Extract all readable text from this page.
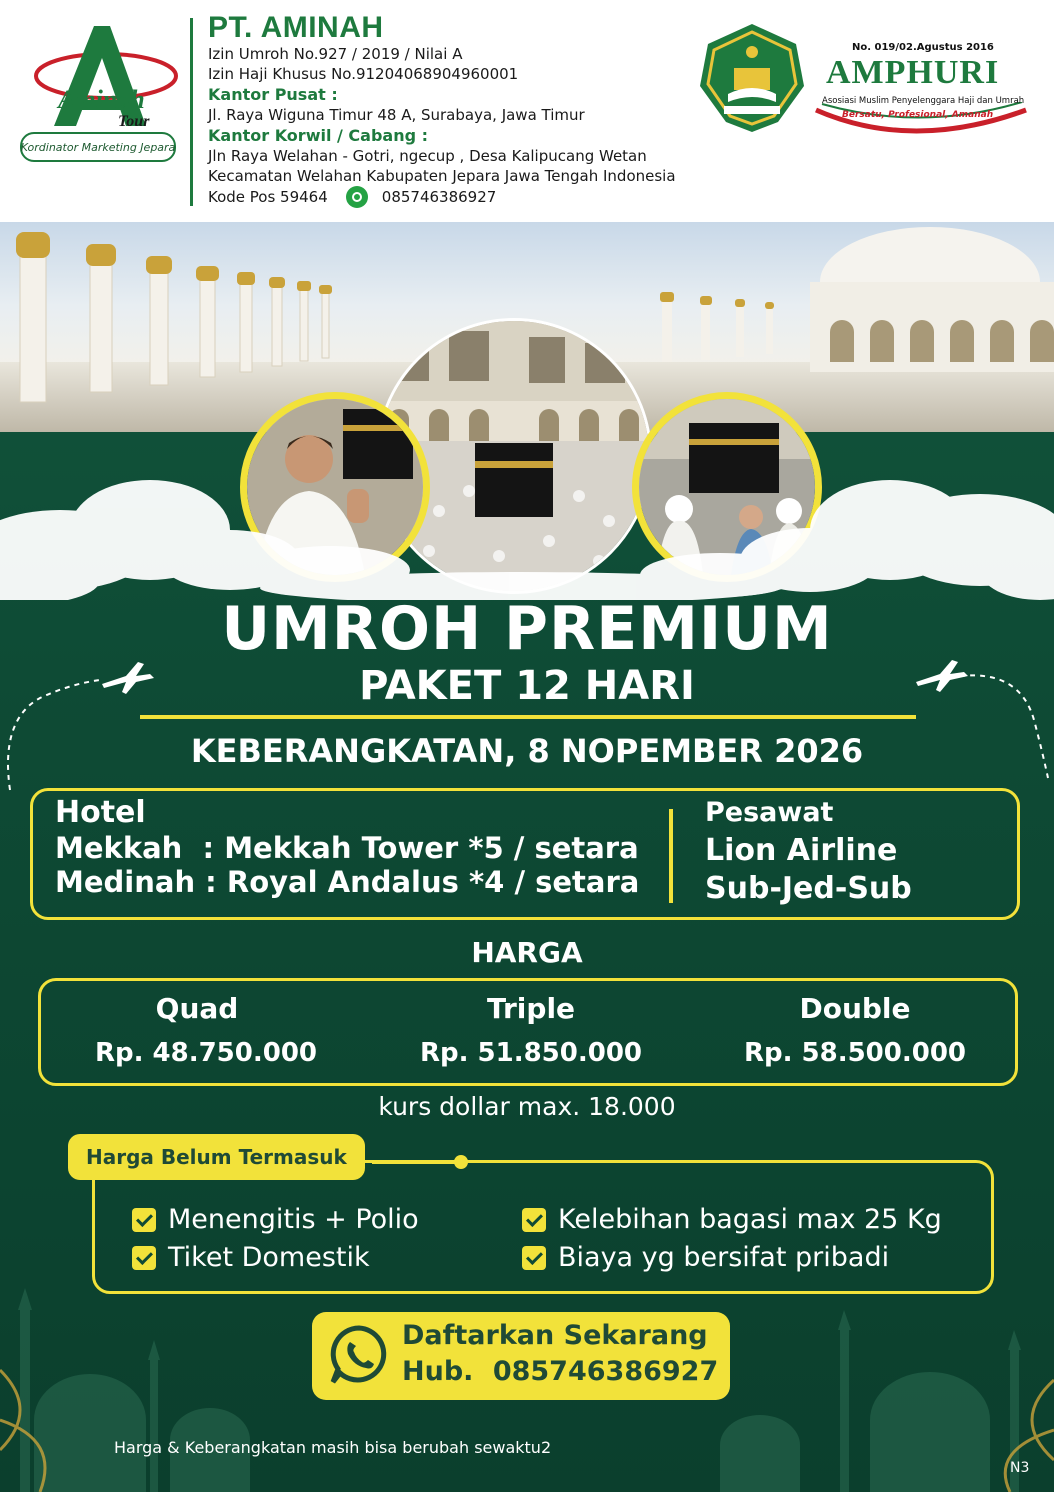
Aminah
Tour
Kordinator Marketing Jepara
PT. AMINAH
Izin Umroh No.927 / 2019 / Nilai A
Izin Haji Khusus No.91204068904960001
Kantor Pusat :
Jl. Raya Wiguna Timur 48 A, Surabaya, Jawa Timur
Kantor Korwil / Cabang :
Jln Raya Welahan - Gotri, ngecup , Desa Kalipucang Wetan
Kecamatan Welahan Kabupaten Jepara Jawa Tengah Indonesia
Kode Pos 59464	085746386927
No. 019/02.Agustus 2016
AMPHURI
Asosiasi Muslim Penyelenggara Haji dan Umrah
Bersatu, Profesional, Amanah
UMROH PREMIUM
PAKET 12 HARI
KEBERANGKATAN, 8 NOPEMBER 2026
Hotel
Mekkah  : Mekkah Tower *5 / setara
Medinah : Royal Andalus *4 / setara
Pesawat
Lion Airline
Sub-Jed-Sub
HARGA
Quad
Rp. 48.750.000
Triple
Rp. 51.850.000
Double
Rp. 58.500.000
kurs dollar max. 18.000
Harga Belum Termasuk
Menengitis + Polio
Tiket Domestik
Kelebihan bagasi max 25 Kg
Biaya yg bersifat pribadi
Daftarkan Sekarang
Hub. 085746386927
Harga & Keberangkatan masih bisa berubah sewaktu2
N3
